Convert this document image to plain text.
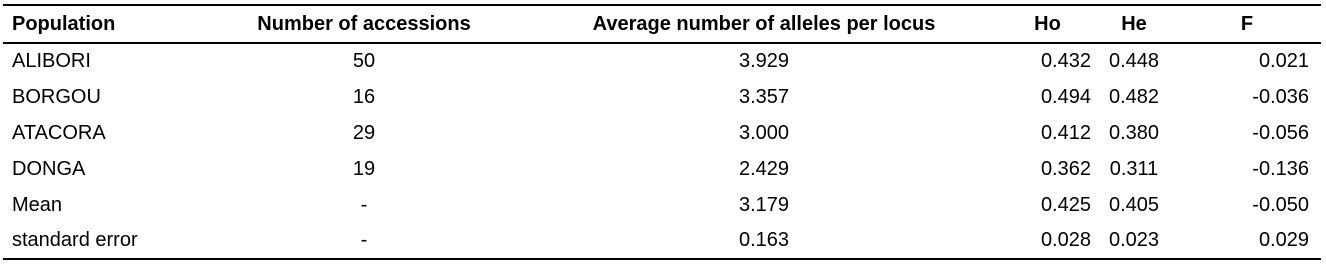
Population	Number of accessions	Average number of alleles per locus	Ho	He	F
ALIBORI	50	3.929	0.432	0.448	0.021
BORGOU	16	3.357	0.494	0.482	-0.036
ATACORA	29	3.000	0.412	0.380	-0.056
DONGA	19	2.429	0.362	0.311	-0.136
Mean	-	3.179	0.425	0.405	-0.050
standard error	-	0.163	0.028	0.023	0.029
